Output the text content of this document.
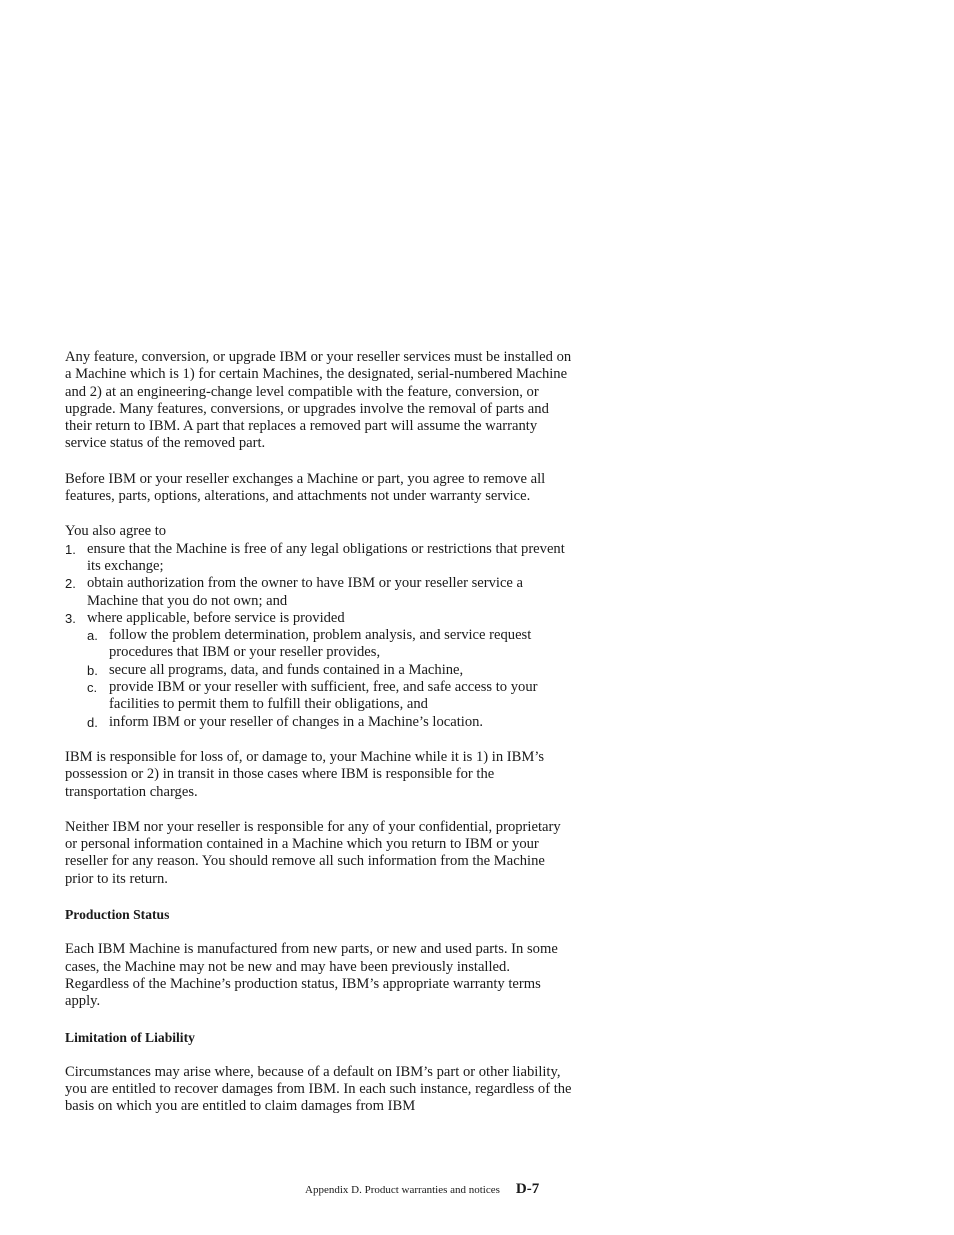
Any feature, conversion, or upgrade IBM or your reseller services must be installed on a Machine which is 1) for certain Machines, the designated, serial-numbered Machine and 2) at an engineering-change level compatible with the feature, conversion, or upgrade. Many features, conversions, or upgrades involve the removal of parts and their return to IBM. A part that replaces a removed part will assume the warranty service status of the removed part.

Before IBM or your reseller exchanges a Machine or part, you agree to remove all features, parts, options, alterations, and attachments not under warranty service.

You also agree to
1. ensure that the Machine is free of any legal obligations or restrictions that prevent its exchange;
2. obtain authorization from the owner to have IBM or your reseller service a Machine that you do not own; and
3. where applicable, before service is provided
a. follow the problem determination, problem analysis, and service request procedures that IBM or your reseller provides,
b. secure all programs, data, and funds contained in a Machine,
c. provide IBM or your reseller with sufficient, free, and safe access to your facilities to permit them to fulfill their obligations, and
d. inform IBM or your reseller of changes in a Machine’s location.

IBM is responsible for loss of, or damage to, your Machine while it is 1) in IBM’s possession or 2) in transit in those cases where IBM is responsible for the transportation charges.

Neither IBM nor your reseller is responsible for any of your confidential, proprietary or personal information contained in a Machine which you return to IBM or your reseller for any reason. You should remove all such information from the Machine prior to its return.

Production Status

Each IBM Machine is manufactured from new parts, or new and used parts. In some cases, the Machine may not be new and may have been previously installed. Regardless of the Machine’s production status, IBM’s appropriate warranty terms apply.

Limitation of Liability

Circumstances may arise where, because of a default on IBM’s part or other liability, you are entitled to recover damages from IBM. In each such instance, regardless of the basis on which you are entitled to claim damages from IBM

Appendix D. Product warranties and notices D-7
